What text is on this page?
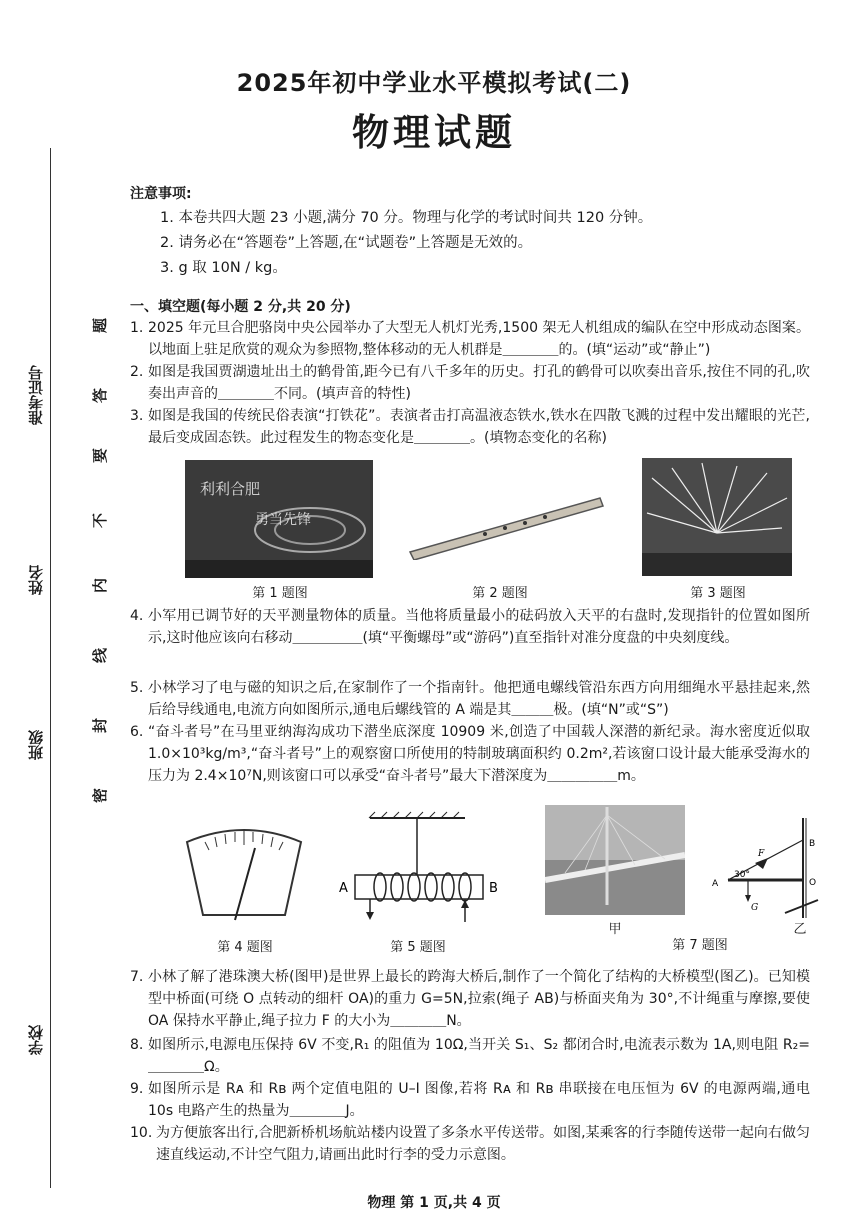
准考证号
姓名
班级
学校
密
封
线
内
不
要
答
题
2025年初中学业水平模拟考试(二)
物理试题
注意事项:
1. 本卷共四大题 23 小题,满分 70 分。物理与化学的考试时间共 120 分钟。
2. 请务必在“答题卷”上答题,在“试题卷”上答题是无效的。
3. g 取 10N / kg。
一、填空题(每小题 2 分,共 20 分)
1. 2025 年元旦合肥骆岗中央公园举办了大型无人机灯光秀,1500 架无人机组成的编队在空中形成动态图案。以地面上驻足欣赏的观众为参照物,整体移动的无人机群是＿＿＿＿的。(填“运动”或“静止”)
2. 如图是我国贾湖遗址出土的鹤骨笛,距今已有八千多年的历史。打孔的鹤骨可以吹奏出音乐,按住不同的孔,吹奏出声音的＿＿＿＿不同。(填声音的特性)
3. 如图是我国的传统民俗表演“打铁花”。表演者击打高温液态铁水,铁水在四散飞溅的过程中发出耀眼的光芒,最后变成固态铁。此过程发生的物态变化是＿＿＿＿。(填物态变化的名称)
利利合肥
勇当先锋
第 1 题图	第 2 题图	第 3 题图
4. 小军用已调节好的天平测量物体的质量。当他将质量最小的砝码放入天平的右盘时,发现指针的位置如图所示,这时他应该向右移动＿＿＿＿＿(填“平衡螺母”或“游码”)直至指针对准分度盘的中央刻度线。
5. 小林学习了电与磁的知识之后,在家制作了一个指南针。他把通电螺线管沿东西方向用细绳水平悬挂起来,然后给导线通电,电流方向如图所示,通电后螺线管的 A 端是其＿＿＿极。(填“N”或“S”)
6. “奋斗者号”在马里亚纳海沟成功下潜坐底深度 10909 米,创造了中国载人深潜的新纪录。海水密度近似取 1.0×10³kg/m³,“奋斗者号”上的观察窗口所使用的特制玻璃面积约 0.2m²,若该窗口设计最大能承受海水的压力为 2.4×10⁷N,则该窗口可以承受“奋斗者号”最大下潜深度为＿＿＿＿＿m。
第 4 题图
A	B
第 5 题图
甲
A
B
O
F
G
30°
乙
第 7 题图
7. 小林了解了港珠澳大桥(图甲)是世界上最长的跨海大桥后,制作了一个简化了结构的大桥模型(图乙)。已知模型中桥面(可绕 O 点转动的细杆 OA)的重力 G=5N,拉索(绳子 AB)与桥面夹角为 30°,不计绳重与摩擦,要使 OA 保持水平静止,绳子拉力 F 的大小为＿＿＿＿N。
8. 如图所示,电源电压保持 6V 不变,R₁ 的阻值为 10Ω,当开关 S₁、S₂ 都闭合时,电流表示数为 1A,则电阻 R₂=＿＿＿＿Ω。
9. 如图所示是 Rᴀ 和 Rʙ 两个定值电阻的 U–I 图像,若将 Rᴀ 和 Rʙ 串联接在电压恒为 6V 的电源两端,通电 10s 电路产生的热量为＿＿＿＿J。
10. 为方便旅客出行,合肥新桥机场航站楼内设置了多条水平传送带。如图,某乘客的行李随传送带一起向右做匀速直线运动,不计空气阻力,请画出此时行李的受力示意图。
物理 第 1 页,共 4 页
